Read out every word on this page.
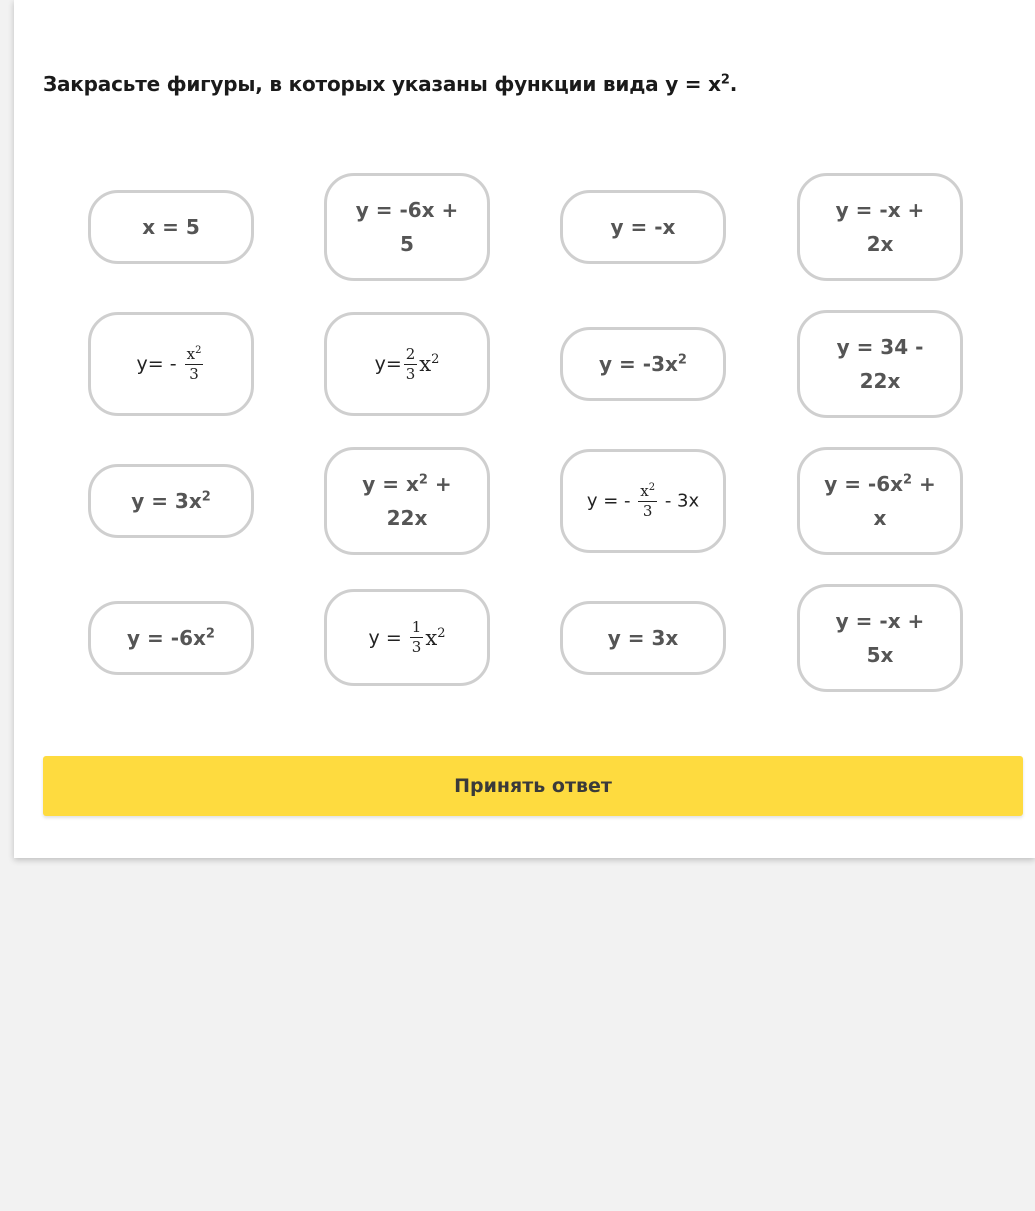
Закрасьте фигуры, в которых указаны функции вида $y = x^2$.
x = 5
y = -6x +
5
y = -x
y = -x +
2x
y= -
$\frac{x^2}{3}$	$y= \frac{2}{3} x^2$	$y = -3x^2$
y = 34 -
22x
$y = 3x^2$
$y = x^2$ +
22x
y = - $\frac{x^2}{3} - 3x$
$y = -6x^2$ +
x
$y = -6x^2$	y =
$\frac{1}{3} x^2$	y = 3x
y = -x +
5x
Принять ответ
